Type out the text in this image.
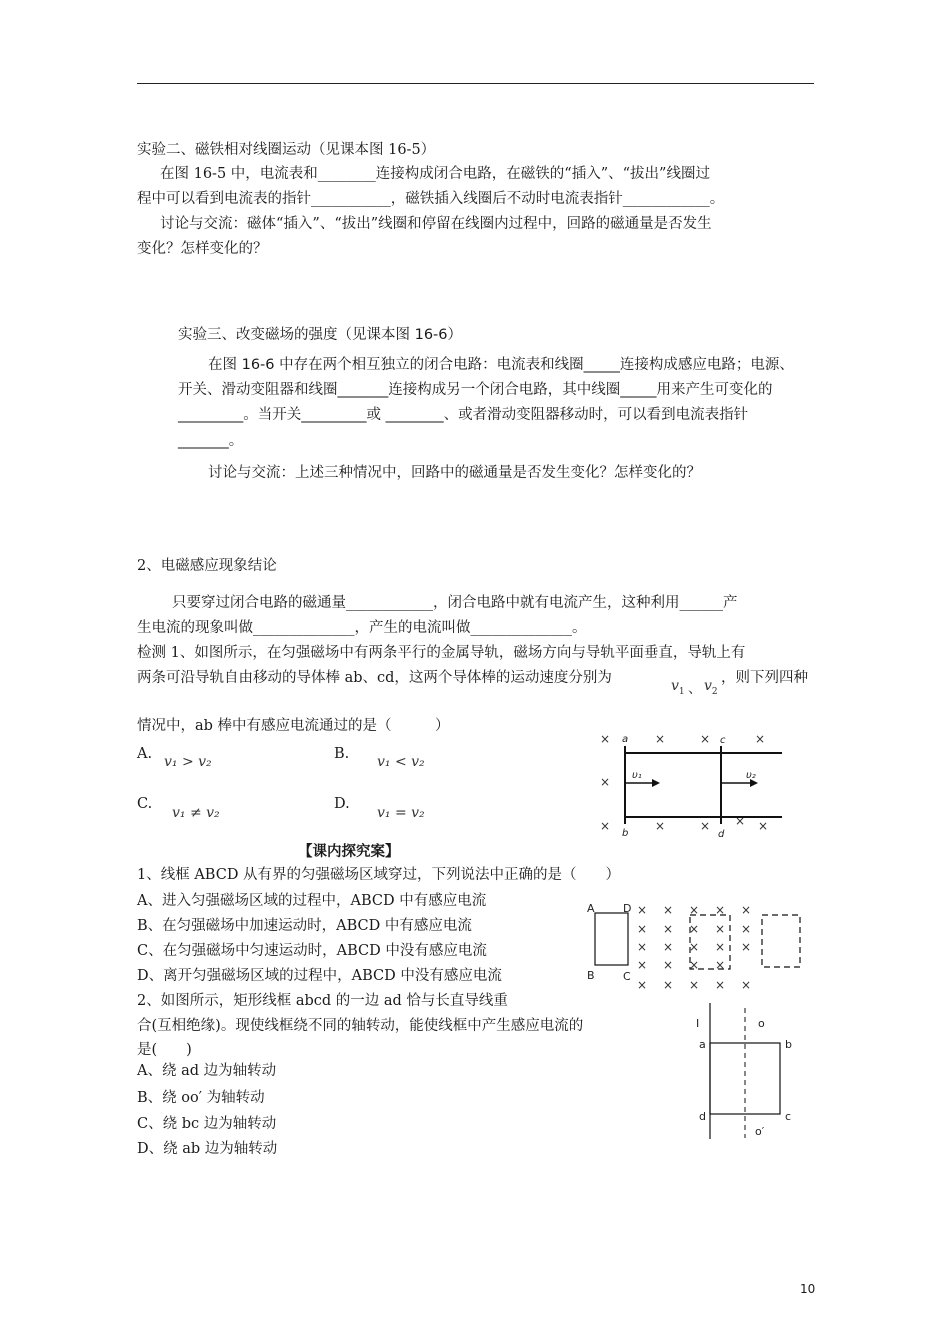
实验二、磁铁相对线圈运动（见课本图 16-5）
在图 16-5 中，电流表和________连接构成闭合电路，在磁铁的“插入”、“拔出”线圈过
程中可以看到电流表的指针___________，磁铁插入线圈后不动时电流表指针____________。
讨论与交流：磁体“插入”、“拔出”线圈和停留在线圈内过程中，回路的磁通量是否发生
变化？怎样变化的？
实验三、改变磁场的强度（见课本图 16-6）
在图 16-6 中存在两个相互独立的闭合电路：电流表和线圈_____连接构成感应电路；电源、
开关、滑动变阻器和线圈_______连接构成另一个闭合电路，其中线圈_____用来产生可变化的
_________。当开关_________或 ________、或者滑动变阻器移动时，可以看到电流表指针
_______。
讨论与交流：上述三种情况中，回路中的磁通量是否发生变化？怎样变化的？
2、电磁感应现象结论
只要穿过闭合电路的磁通量____________，闭合电路中就有电流产生，这种利用______产
生电流的现象叫做______________，产生的电流叫做______________。
检测 1、如图所示，在匀强磁场中有两条平行的金属导轨，磁场方向与导轨平面垂直，导轨上有
两条可沿导轨自由移动的导体棒 ab、cd，这两个导体棒的运动速度分别为	$v_1$ 、 $v_2$
，则下列四种
情况中，ab 棒中有感应电流通过的是（　　　）
A. v₁ > v₂	B. v₁ < v₂
C.
v₁ ≠ v₂
D.
v₁ = v₂
×	×	×	×
×
×	×	× × ×
a	c
b	d
υ₁	υ₂
【课内探究案】
1、线框 ABCD 从有界的匀强磁场区域穿过，下列说法中正确的是（　　）
A、进入匀强磁场区域的过程中，ABCD 中有感应电流
B、在匀强磁场中加速运动时，ABCD 中有感应电流
C、在匀强磁场中匀速运动时，ABCD 中没有感应电流
D、离开匀强磁场区域的过程中，ABCD 中没有感应电流
A	D
B	C
× × × × ×
× × × × ×
× × × × ×
× × × ×
× × × × ×
2、如图所示，矩形线框 abcd 的一边 ad 恰与长直导线重
合(互相绝缘)。现使线框绕不同的轴转动，能使线框中产生感应电流的
是(　　)
A、绕 ad 边为轴转动
B、绕 oo′ 为轴转动
C、绕 bc 边为轴转动
D、绕 ab 边为轴转动
I	o
a	b
d	c
o′
10
